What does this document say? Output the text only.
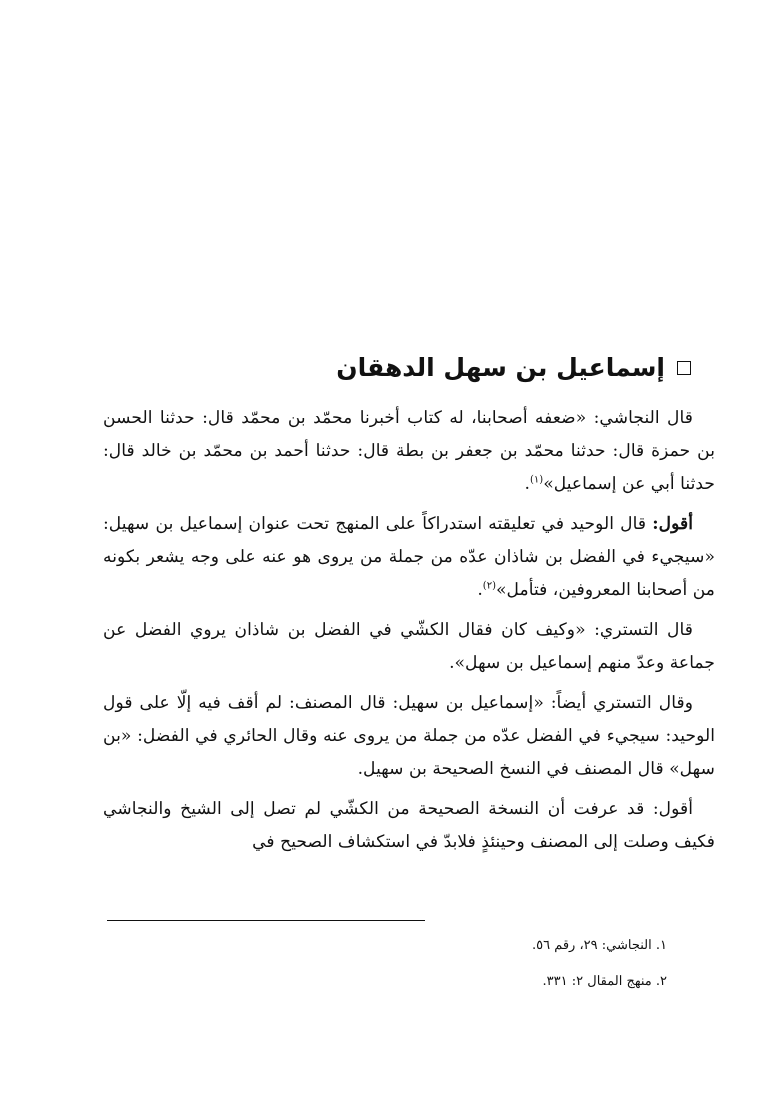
إسماعيل بن سهل الدهقان

قال النجاشي: «ضعفه أصحابنا، له كتاب أخبرنا محمّد بن محمّد قال: حدثنا الحسن بن حمزة قال: حدثنا محمّد بن جعفر بن بطة قال: حدثنا أحمد بن محمّد بن خالد قال: حدثنا أبي عن إسماعيل»$^{(١)}$.

أقول: قال الوحيد في تعليقته استدراكاً على المنهج تحت عنوان إسماعيل بن سهيل: «سيجيء في الفضل بن شاذان عدّه من جملة من يروى هو عنه على وجه يشعر بكونه من أصحابنا المعروفين، فتأمل»$^{(٢)}$.

قال التستري: «وكيف كان فقال الكشّي في الفضل بن شاذان يروي الفضل عن جماعة وعدّ منهم إسماعيل بن سهل».

وقال التستري أيضاً: «إسماعيل بن سهيل: قال المصنف: لم أقف فيه إلّا على قول الوحيد: سيجيء في الفضل عدّه من جملة من يروى عنه وقال الحائري في الفضل: «بن سهل» قال المصنف في النسخ الصحيحة بن سهيل.

أقول: قد عرفت أن النسخة الصحيحة من الكشّي لم تصل إلى الشيخ والنجاشي فكيف وصلت إلى المصنف وحينئذٍ فلابدّ في استكشاف الصحيح في

١. النجاشي: ٢٩، رقم ٥٦.
٢. منهج المقال ٢: ٣٣١.
